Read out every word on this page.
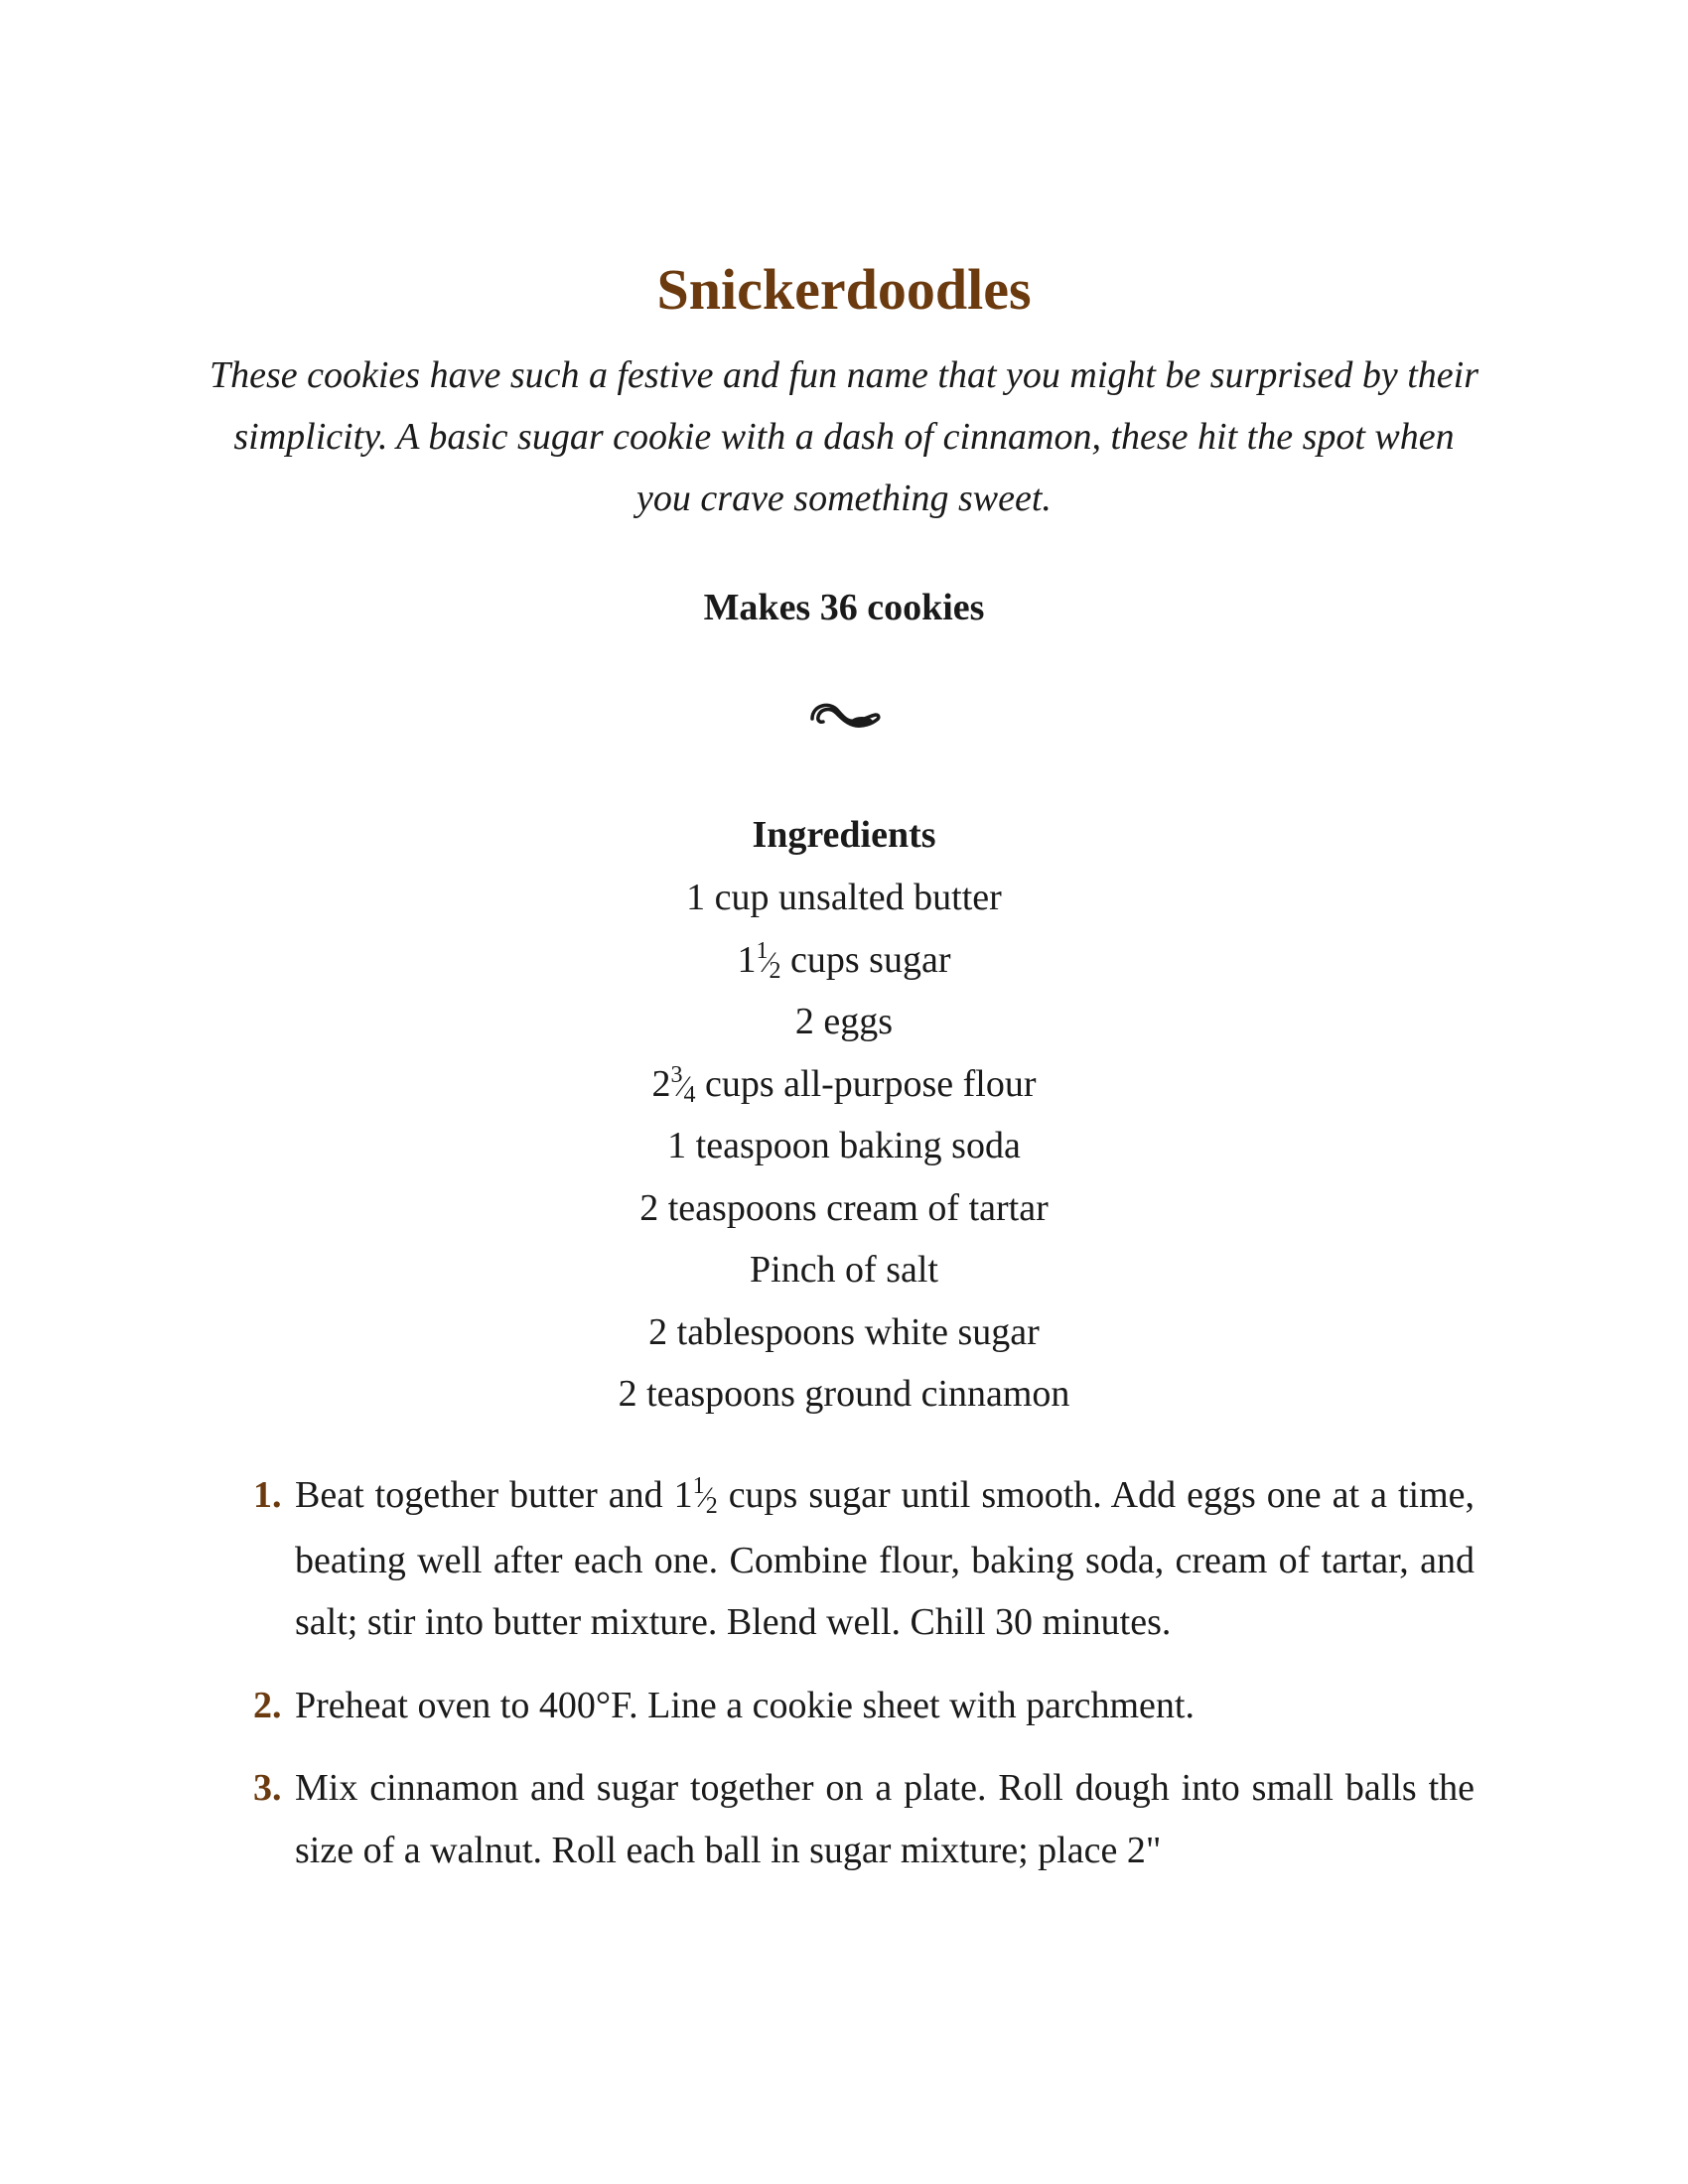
Snickerdoodles
These cookies have such a festive and fun name that you might be surprised by their simplicity. A basic sugar cookie with a dash of cinnamon, these hit the spot when you crave something sweet.
Makes 36 cookies
Ingredients
1 cup unsalted butter
$1^1⁄_2$ cups sugar
2 eggs
$2^3⁄_4$ cups all-purpose flour
1 teaspoon baking soda
2 teaspoons cream of tartar
Pinch of salt
2 tablespoons white sugar
2 teaspoons ground cinnamon
1. Beat together butter and $1^1⁄_2$ cups sugar until smooth. Add eggs one at a time, beating well after each one. Combine flour, baking soda, cream of tartar, and salt; stir into butter mixture. Blend well. Chill 30 minutes.
2. Preheat oven to 400°F. Line a cookie sheet with parchment.
3. Mix cinnamon and sugar together on a plate. Roll dough into small balls the size of a walnut. Roll each ball in sugar mixture; place 2"
